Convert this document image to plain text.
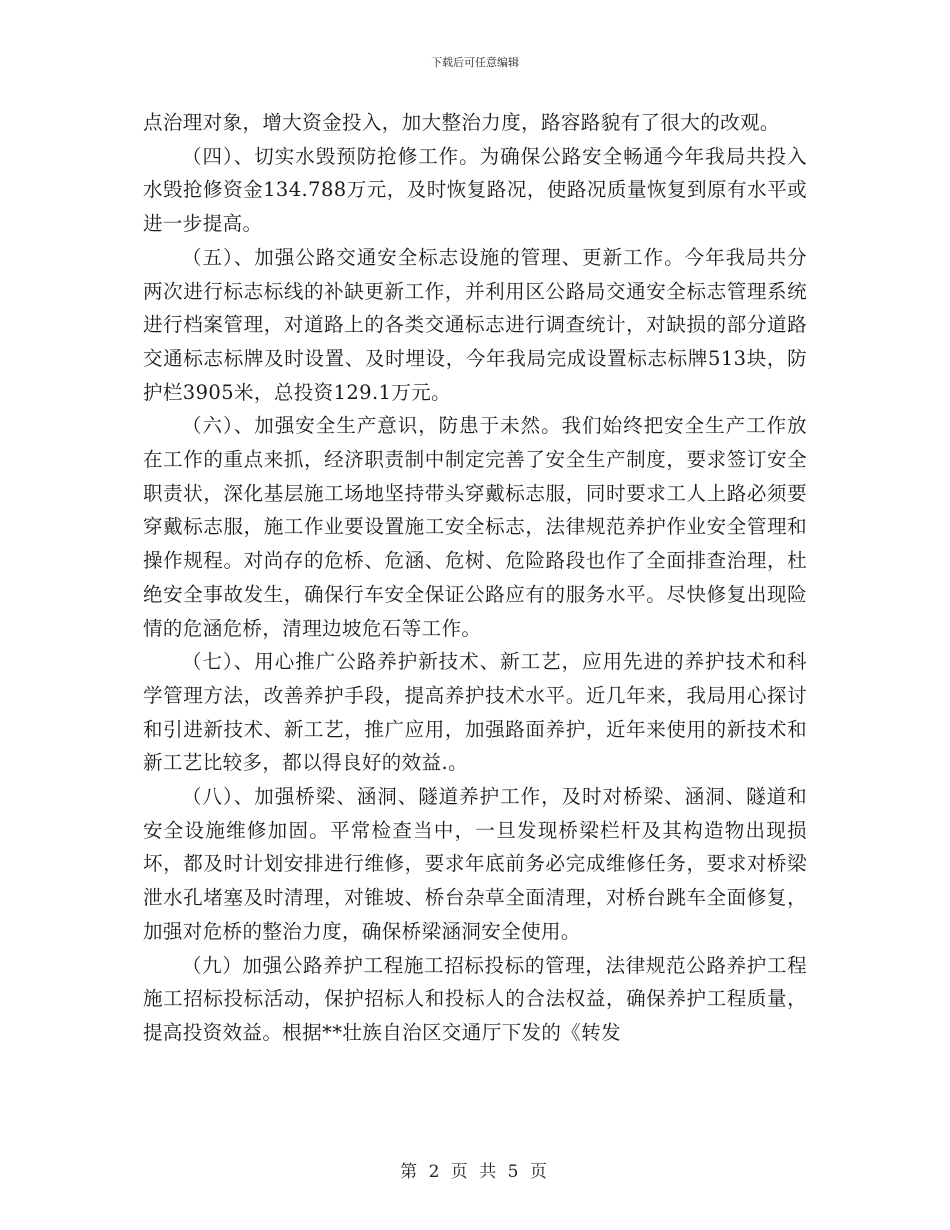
下载后可任意编辑

点治理对象，增大资金投入，加大整治力度，路容路貌有了很大的改观。

（四）、切实水毁预防抢修工作。为确保公路安全畅通今年我局共投入水毁抢修资金134.788万元，及时恢复路况，使路况质量恢复到原有水平或进一步提高。

（五）、加强公路交通安全标志设施的管理、更新工作。今年我局共分两次进行标志标线的补缺更新工作，并利用区公路局交通安全标志管理系统进行档案管理，对道路上的各类交通标志进行调查统计，对缺损的部分道路交通标志标牌及时设置、及时埋设，今年我局完成设置标志标牌513块，防护栏3905米，总投资129.1万元。

（六）、加强安全生产意识，防患于未然。我们始终把安全生产工作放在工作的重点来抓，经济职责制中制定完善了安全生产制度，要求签订安全职责状，深化基层施工场地坚持带头穿戴标志服，同时要求工人上路必须要穿戴标志服，施工作业要设置施工安全标志，法律规范养护作业安全管理和操作规程。对尚存的危桥、危涵、危树、危险路段也作了全面排查治理，杜绝安全事故发生，确保行车安全保证公路应有的服务水平。尽快修复出现险情的危涵危桥，清理边坡危石等工作。

（七）、用心推广公路养护新技术、新工艺，应用先进的养护技术和科学管理方法，改善养护手段，提高养护技术水平。近几年来，我局用心探讨和引进新技术、新工艺，推广应用，加强路面养护，近年来使用的新技术和新工艺比较多，都以得良好的效益.。

（八）、加强桥梁、涵洞、隧道养护工作，及时对桥梁、涵洞、隧道和安全设施维修加固。平常检查当中，一旦发现桥梁栏杆及其构造物出现损坏，都及时计划安排进行维修，要求年底前务必完成维修任务，要求对桥梁泄水孔堵塞及时清理，对锥坡、桥台杂草全面清理，对桥台跳车全面修复，加强对危桥的整治力度，确保桥梁涵洞安全使用。

（九）加强公路养护工程施工招标投标的管理，法律规范公路养护工程施工招标投标活动，保护招标人和投标人的合法权益，确保养护工程质量，提高投资效益。根据**壮族自治区交通厅下发的《转发

第 2 页 共 5 页
